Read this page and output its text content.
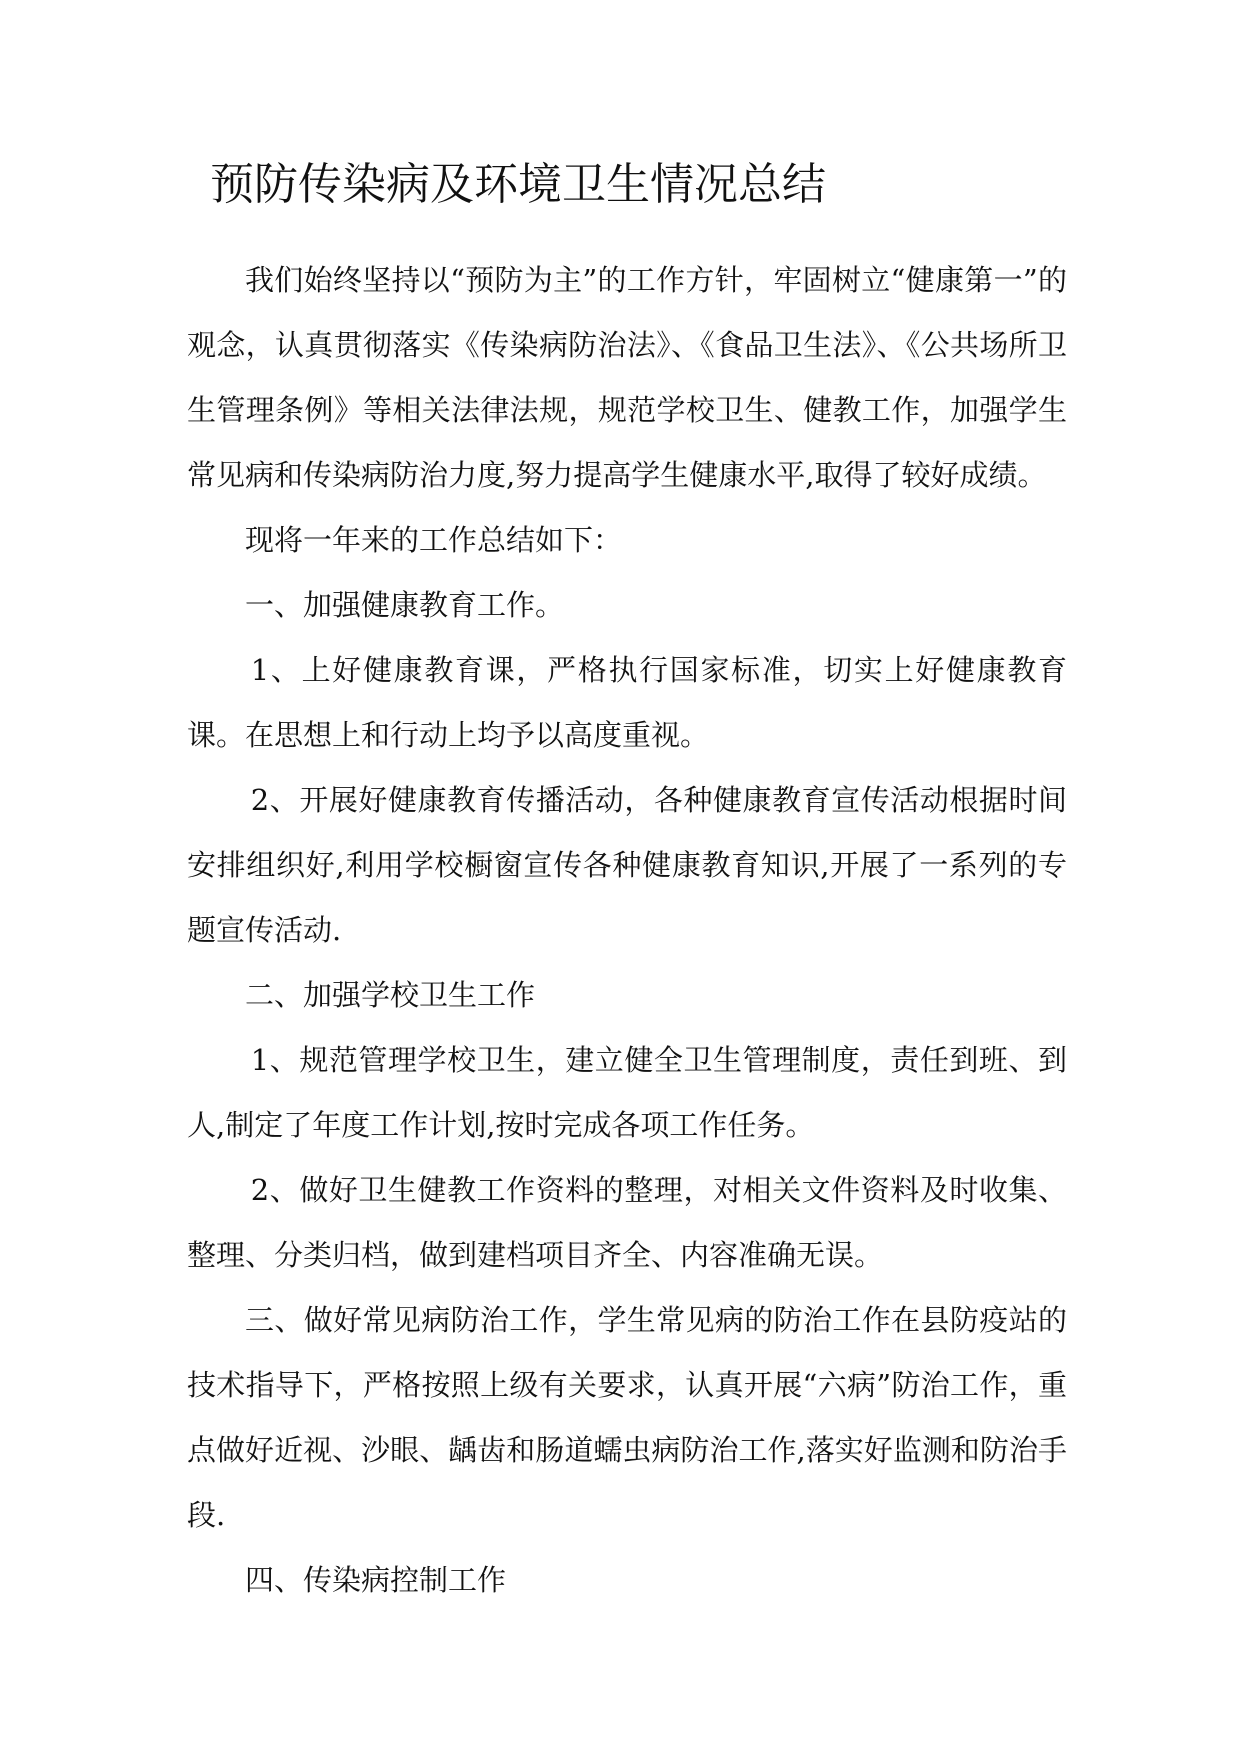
预防传染病及环境卫生情况总结

我们始终坚持以“预防为主”的工作方针，牢固树立“健康第一”的观念，认真贯彻落实《传染病防治法》、《食品卫生法》、《公共场所卫生管理条例》等相关法律法规，规范学校卫生、健教工作，加强学生常见病和传染病防治力度,努力提高学生健康水平,取得了较好成绩。

现将一年来的工作总结如下：

一、加强健康教育工作。

1、上好健康教育课，严格执行国家标准，切实上好健康教育课。在思想上和行动上均予以高度重视。

2、开展好健康教育传播活动，各种健康教育宣传活动根据时间安排组织好,利用学校橱窗宣传各种健康教育知识,开展了一系列的专题宣传活动.

二、加强学校卫生工作

1、规范管理学校卫生，建立健全卫生管理制度，责任到班、到人,制定了年度工作计划,按时完成各项工作任务。

2、做好卫生健教工作资料的整理，对相关文件资料及时收集、整理、分类归档，做到建档项目齐全、内容准确无误。

三、做好常见病防治工作，学生常见病的防治工作在县防疫站的技术指导下，严格按照上级有关要求，认真开展“六病”防治工作，重点做好近视、沙眼、龋齿和肠道蠕虫病防治工作,落实好监测和防治手段.

四、传染病控制工作
